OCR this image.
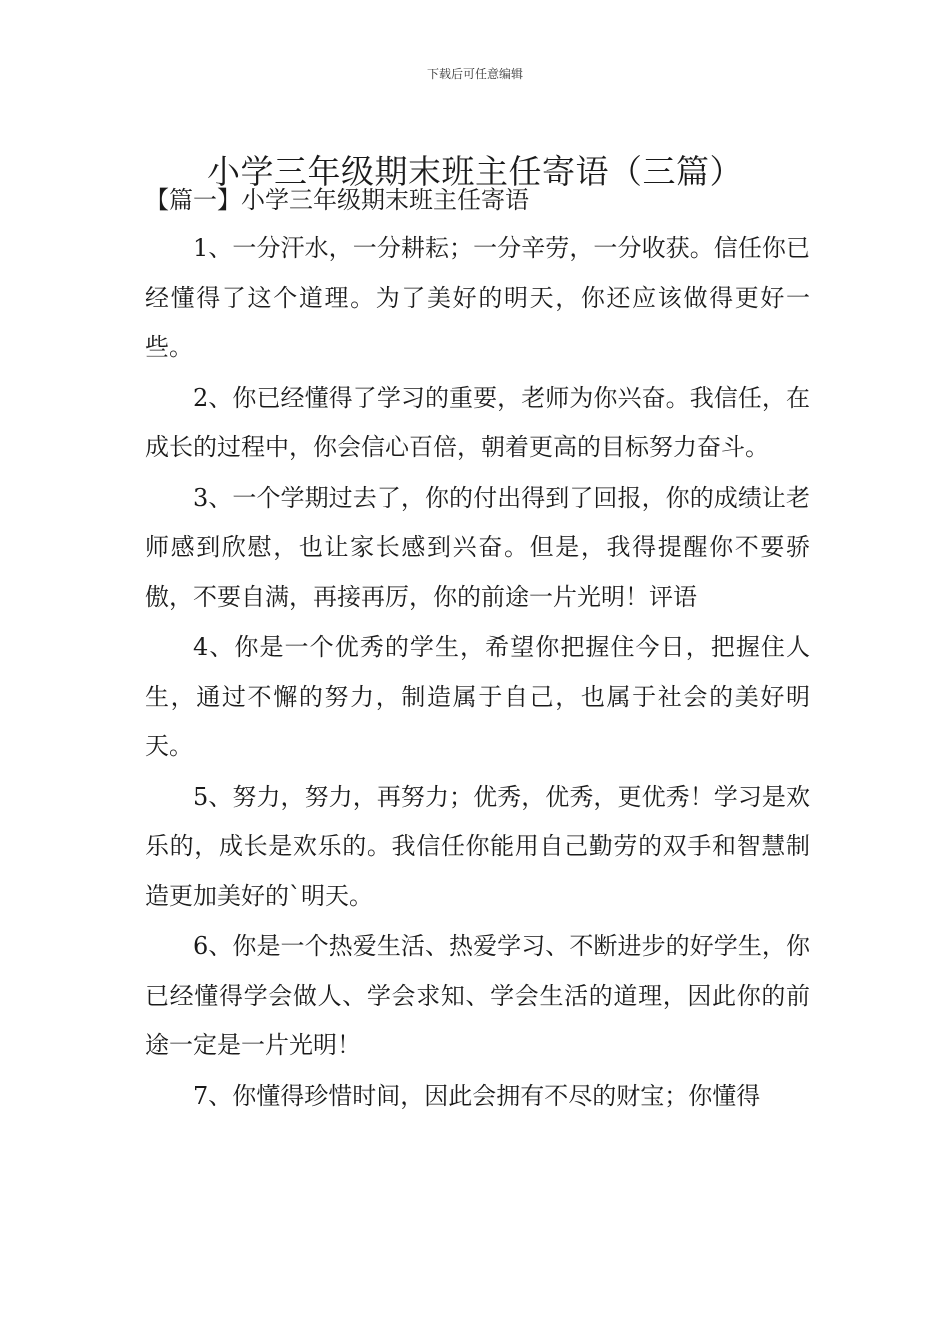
下载后可任意编辑
小学三年级期末班主任寄语（三篇）
【篇一】小学三年级期末班主任寄语

1、一分汗水，一分耕耘；一分辛劳，一分收获。信任你已经懂得了这个道理。为了美好的明天，你还应该做得更好一些。

2、你已经懂得了学习的重要，老师为你兴奋。我信任，在成长的过程中，你会信心百倍，朝着更高的目标努力奋斗。

3、一个学期过去了，你的付出得到了回报，你的成绩让老师感到欣慰，也让家长感到兴奋。但是，我得提醒你不要骄傲，不要自满，再接再厉，你的前途一片光明！评语

4、你是一个优秀的学生，希望你把握住今日，把握住人生，通过不懈的努力，制造属于自己，也属于社会的美好明天。

5、努力，努力，再努力；优秀，优秀，更优秀！学习是欢乐的，成长是欢乐的。我信任你能用自己勤劳的双手和智慧制造更加美好的`明天。

6、你是一个热爱生活、热爱学习、不断进步的好学生，你已经懂得学会做人、学会求知、学会生活的道理，因此你的前途一定是一片光明！

7、你懂得珍惜时间，因此会拥有不尽的财宝；你懂得
